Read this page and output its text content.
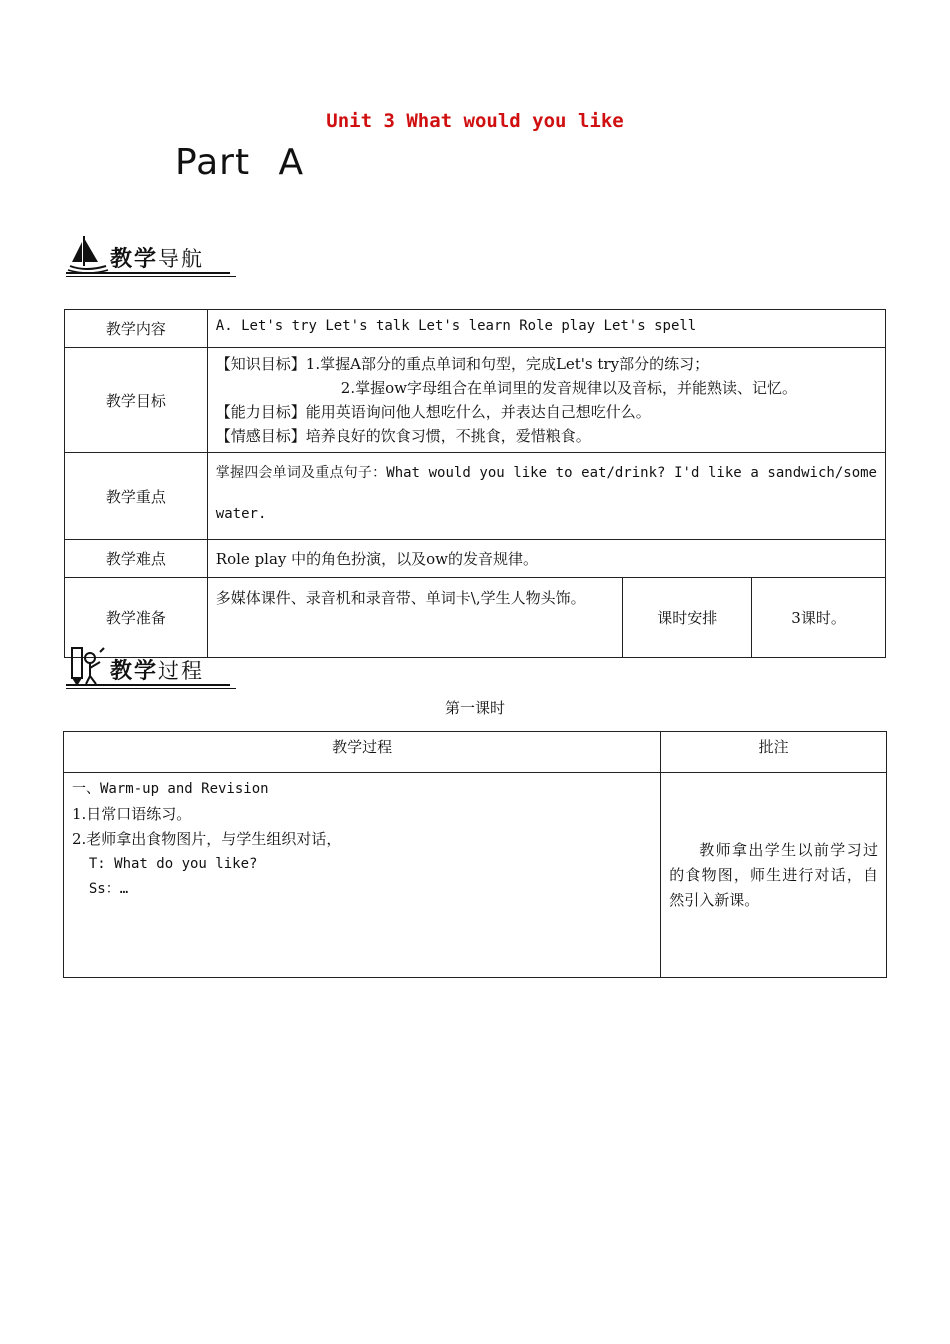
Unit 3 What would you like
Part A
教学导航
教学内容	A. Let's try Let's talk Let's learn Role play Let's spell		
教学目标	【知识目标】1.掌握A部分的重点单词和句型，完成Let's try部分的练习；
2.掌握ow字母组合在单词里的发音规律以及音标，并能熟读、记忆。
【能力目标】能用英语询问他人想吃什么，并表达自己想吃什么。
【情感目标】培养良好的饮食习惯，不挑食，爱惜粮食。		

教学重点	掌握四会单词及重点句子：What would you like to eat/drink? I'd like a sandwich/some water.		
教学难点	Role play 中的角色扮演，以及ow的发音规律。		
教学准备	多媒体课件、录音机和录音带、单词卡\,学生人物头饰。	课时安排	3课时。
教学过程
第一课时
教学过程	批注

一、Warm-up and Revision
1.日常口语练习。
2.老师拿出食物图片，与学生组织对话，
T: What do you like?
Ss：…	教师拿出学生以前学习过的食物图，师生进行对话，自然引入新课。
